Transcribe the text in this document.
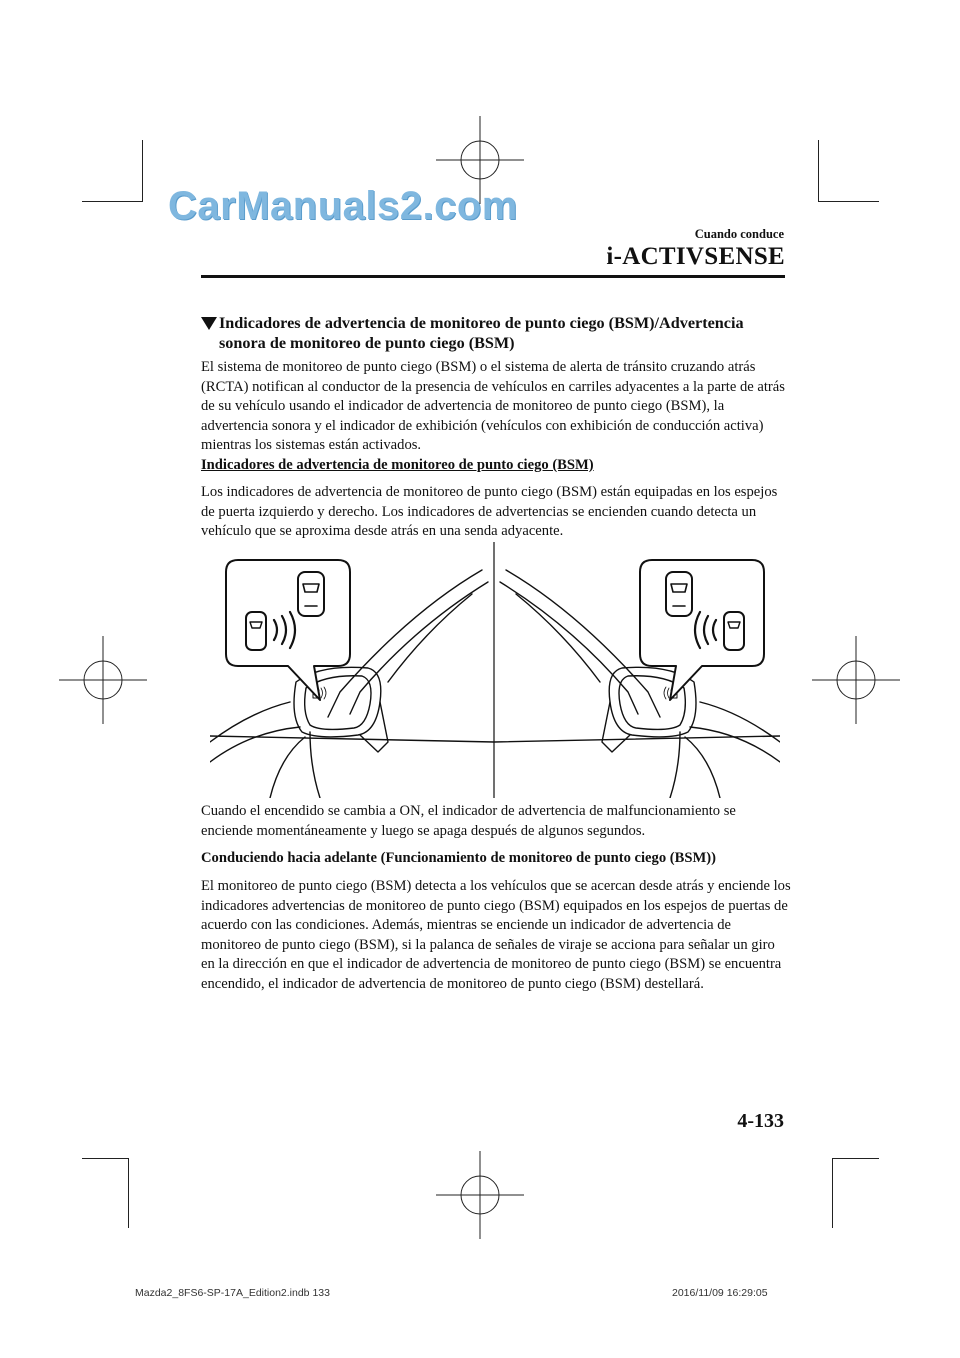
CarManuals2.com
Cuando conduce
i-ACTIVSENSE
Indicadores de advertencia de monitoreo de punto ciego (BSM)/Advertencia sonora de monitoreo de punto ciego (BSM)
El sistema de monitoreo de punto ciego (BSM) o el sistema de alerta de tránsito cruzando atrás (RCTA) notifican al conductor de la presencia de vehículos en carriles adyacentes a la parte de atrás de su vehículo usando el indicador de advertencia de monitoreo de punto ciego (BSM), la advertencia sonora y el indicador de exhibición (vehículos con exhibición de conducción activa) mientras los sistemas están activados.
Indicadores de advertencia de monitoreo de punto ciego (BSM)
Los indicadores de advertencia de monitoreo de punto ciego (BSM) están equipadas en los espejos de puerta izquierdo y derecho. Los indicadores de advertencias se encienden cuando detecta un vehículo que se aproxima desde atrás en una senda adyacente.
Cuando el encendido se cambia a ON, el indicador de advertencia de malfuncionamiento se enciende momentáneamente y luego se apaga después de algunos segundos.
Conduciendo hacia adelante (Funcionamiento de monitoreo de punto ciego (BSM))
El monitoreo de punto ciego (BSM) detecta a los vehículos que se acercan desde atrás y enciende los indicadores advertencias de monitoreo de punto ciego (BSM) equipados en los espejos de puertas de acuerdo con las condiciones. Además, mientras se enciende un indicador de advertencia de monitoreo de punto ciego (BSM), si la palanca de señales de viraje se acciona para señalar un giro en la dirección en que el indicador de advertencia de monitoreo de punto ciego (BSM) se encuentra encendido, el indicador de advertencia de monitoreo de punto ciego (BSM) destellará.
4-133
Mazda2_8FS6-SP-17A_Edition2.indb 133	2016/11/09 16:29:05
